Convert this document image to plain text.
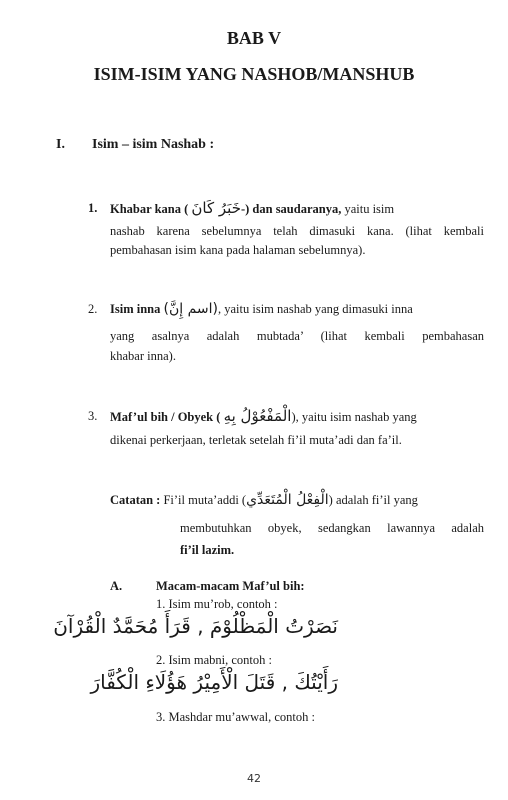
BAB V
ISIM-ISIM YANG NASHOB/MANSHUB
I. Isim – isim Nashab :
1. Khabar kana ( خَبَرُ كَانَ-) dan saudaranya, yaitu isim
nashab karena sebelumnya telah dimasuki kana. (lihat kembali
pembahasan isim kana pada halaman sebelumnya).
2. Isim inna (اسم إِنَّ), yaitu isim nashab yang dimasuki inna
yang asalnya adalah mubtada’ (lihat kembali pembahasan
khabar inna).
3. Maf’ul bih / Obyek ( الْمَفْعُوْلُ بِهِ), yaitu isim nashab yang
dikenai perkerjaan, terletak setelah fi’il muta’adi dan fa’il.
Catatan : Fi’il muta’addi (الْفِعْلُ الْمُتَعَدِّي) adalah fi’il yang
membutuhkan obyek, sedangkan lawannya adalah
fi’il lazim.
A.	Macam-macam Maf’ul bih:
1. Isim mu’rob, contoh :
نَصَرْتُ الْمَظْلُوْمَ , قَرَأَ مُحَمَّدٌ الْقُرْآنَ
2. Isim mabni, contoh :
رَأَيْتُكَ , قَتَلَ الْأَمِيْرُ هَؤُلَاءِ الْكُفَّارَ
3. Mashdar mu’awwal, contoh :
42
